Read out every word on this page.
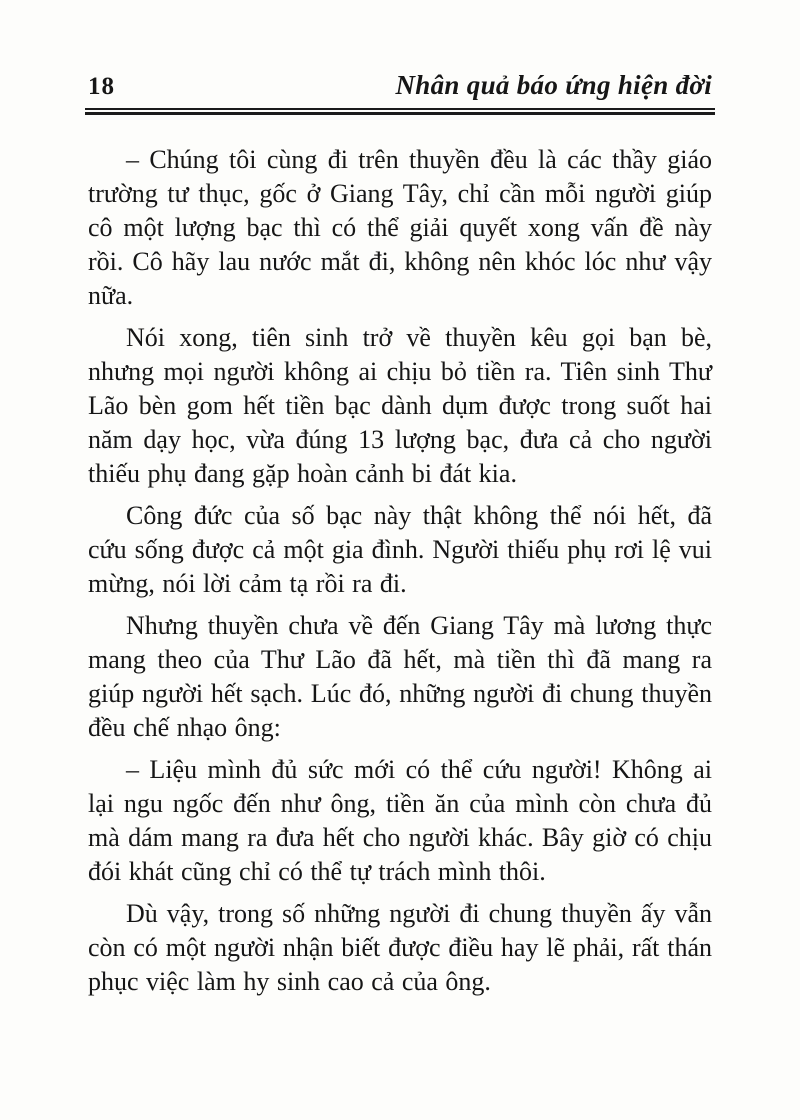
18	Nhân quả báo ứng hiện đời

– Chúng tôi cùng đi trên thuyền đều là các thầy giáo trường tư thục, gốc ở Giang Tây, chỉ cần mỗi người giúp cô một lượng bạc thì có thể giải quyết xong vấn đề này rồi. Cô hãy lau nước mắt đi, không nên khóc lóc như vậy nữa.

Nói xong, tiên sinh trở về thuyền kêu gọi bạn bè, nhưng mọi người không ai chịu bỏ tiền ra. Tiên sinh Thư Lão bèn gom hết tiền bạc dành dụm được trong suốt hai năm dạy học, vừa đúng 13 lượng bạc, đưa cả cho người thiếu phụ đang gặp hoàn cảnh bi đát kia.

Công đức của số bạc này thật không thể nói hết, đã cứu sống được cả một gia đình. Người thiếu phụ rơi lệ vui mừng, nói lời cảm tạ rồi ra đi.

Nhưng thuyền chưa về đến Giang Tây mà lương thực mang theo của Thư Lão đã hết, mà tiền thì đã mang ra giúp người hết sạch. Lúc đó, những người đi chung thuyền đều chế nhạo ông:

– Liệu mình đủ sức mới có thể cứu người! Không ai lại ngu ngốc đến như ông, tiền ăn của mình còn chưa đủ mà dám mang ra đưa hết cho người khác. Bây giờ có chịu đói khát cũng chỉ có thể tự trách mình thôi.

Dù vậy, trong số những người đi chung thuyền ấy vẫn còn có một người nhận biết được điều hay lẽ phải, rất thán phục việc làm hy sinh cao cả của ông.
